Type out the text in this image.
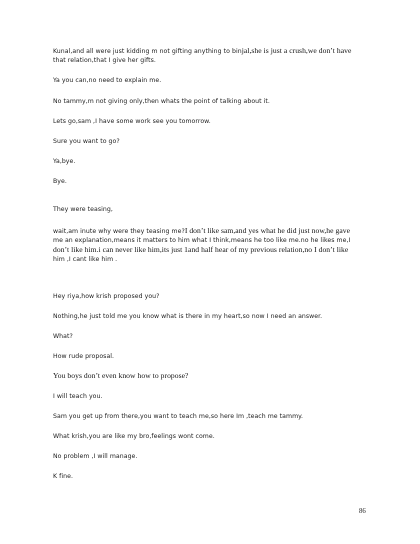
Kunal,and all were just kidding m not gifting anything to binjal,she is just a crush,we don’t have
that relation,that I give her gifts.
Ya you can,no need to explain me.
No tammy,m not giving only,then whats the point of talking about it.
Lets go,sam ,I have some work see you tomorrow.
Sure you want to go?
Ya,bye.
Bye.
They were teasing,
wait,am inute why were they teasing me?I don’t like sam,and yes what he did just now,he gave
me an explanation,means it matters to him what I think,means he too like me.no he likes me,I
don’t like him.i can never like him,its just 1and half hear of my previous relation,no I don’t like
him ,I cant like him .
Hey riya,how krish proposed you?
Nothing,he just told me you know what is there in my heart,so now I need an answer.
What?
How rude proposal.
You boys don’t even know how to propose?
I will teach you.
Sam you get up from there,you want to teach me,so here Im ,teach me tammy.
What krish,you are like my bro,feelings wont come.
No problem ,I will manage.
K fine.
86
